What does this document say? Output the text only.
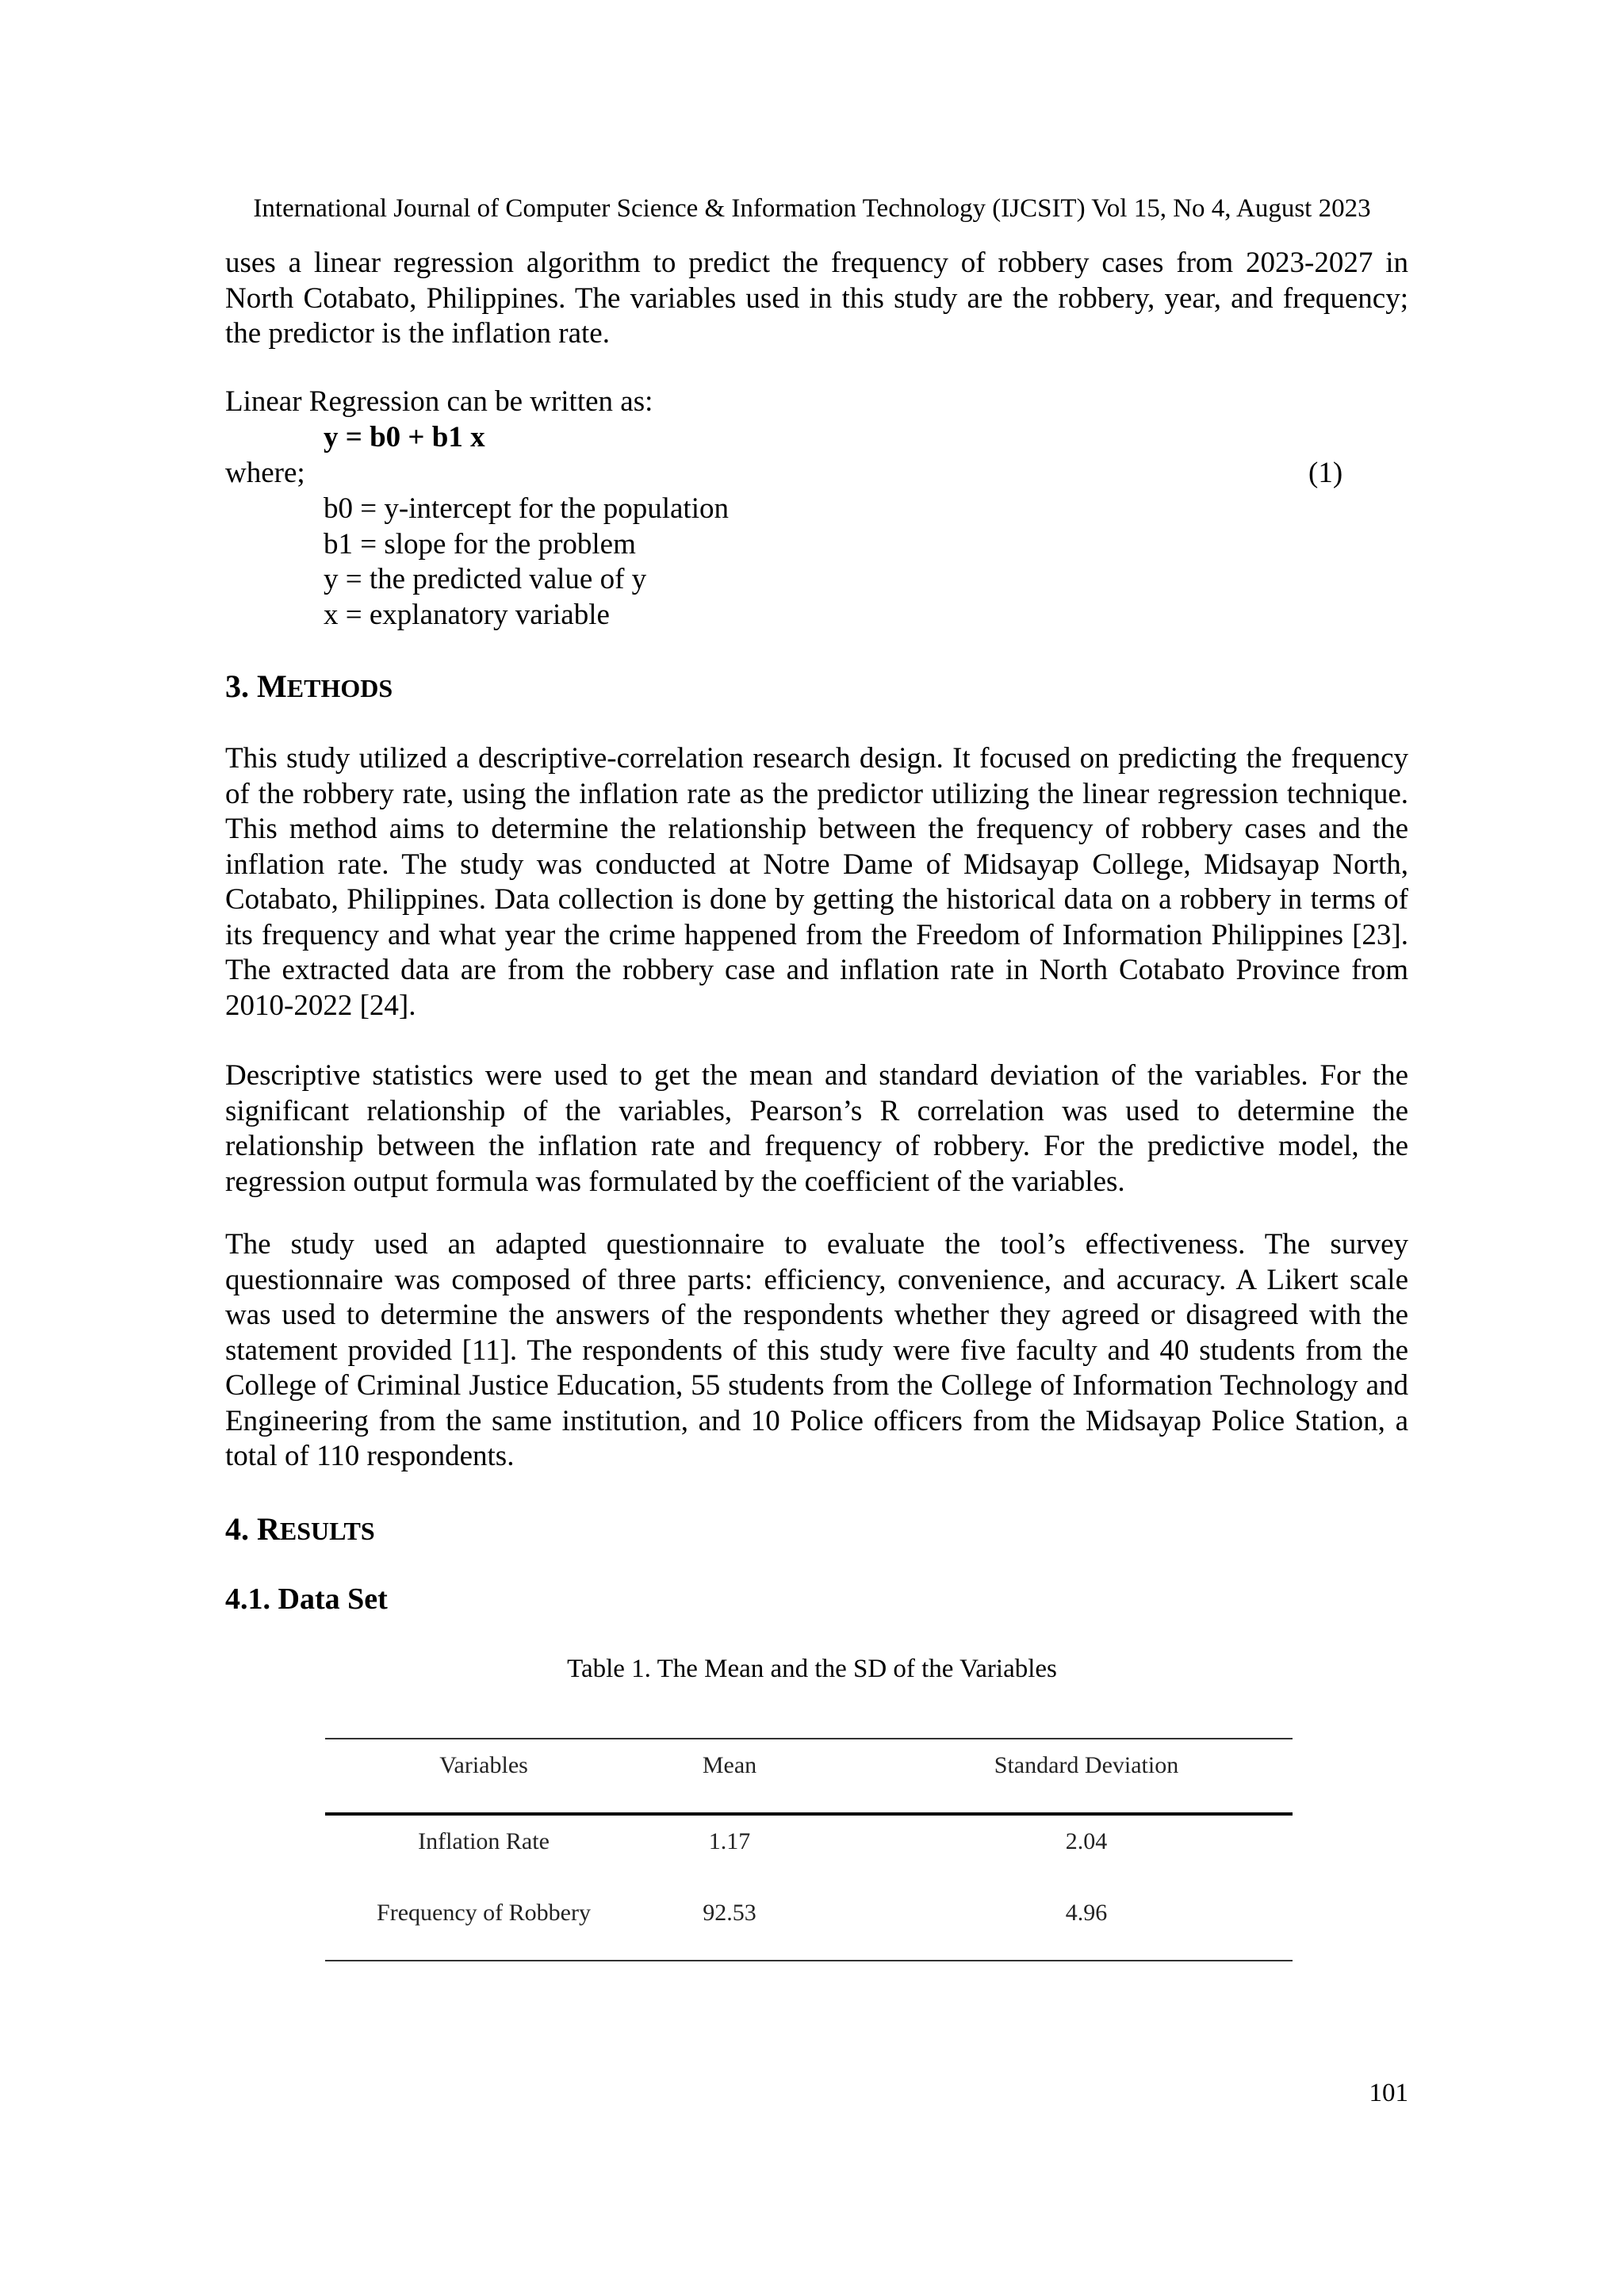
International Journal of Computer Science & Information Technology (IJCSIT) Vol 15, No 4, August 2023
uses a linear regression algorithm to predict the frequency of robbery cases from 2023-2027 in North Cotabato, Philippines. The variables used in this study are the robbery, year, and frequency; the predictor is the inflation rate.
Linear Regression can be written as:
y = b0 + b1 x
where;	(1)
b0 = y-intercept for the population
b1 = slope for the problem
y = the predicted value of y
x = explanatory variable
3. METHODS
This study utilized a descriptive-correlation research design. It focused on predicting the frequency of the robbery rate, using the inflation rate as the predictor utilizing the linear regression technique. This method aims to determine the relationship between the frequency of robbery cases and the inflation rate. The study was conducted at Notre Dame of Midsayap College, Midsayap North, Cotabato, Philippines. Data collection is done by getting the historical data on a robbery in terms of its frequency and what year the crime happened from the Freedom of Information Philippines [23]. The extracted data are from the robbery case and inflation rate in North Cotabato Province from 2010-2022 [24].
Descriptive statistics were used to get the mean and standard deviation of the variables. For the significant relationship of the variables, Pearson’s R correlation was used to determine the relationship between the inflation rate and frequency of robbery. For the predictive model, the regression output formula was formulated by the coefficient of the variables.
The study used an adapted questionnaire to evaluate the tool’s effectiveness. The survey questionnaire was composed of three parts: efficiency, convenience, and accuracy. A Likert scale was used to determine the answers of the respondents whether they agreed or disagreed with the statement provided [11]. The respondents of this study were five faculty and 40 students from the College of Criminal Justice Education, 55 students from the College of Information Technology and Engineering from the same institution, and 10 Police officers from the Midsayap Police Station, a total of 110 respondents.
4. RESULTS
4.1. Data Set
Table 1. The Mean and the SD of the Variables
Variables	Mean	Standard Deviation
Inflation Rate	1.17	2.04
Frequency of Robbery	92.53	4.96
101
